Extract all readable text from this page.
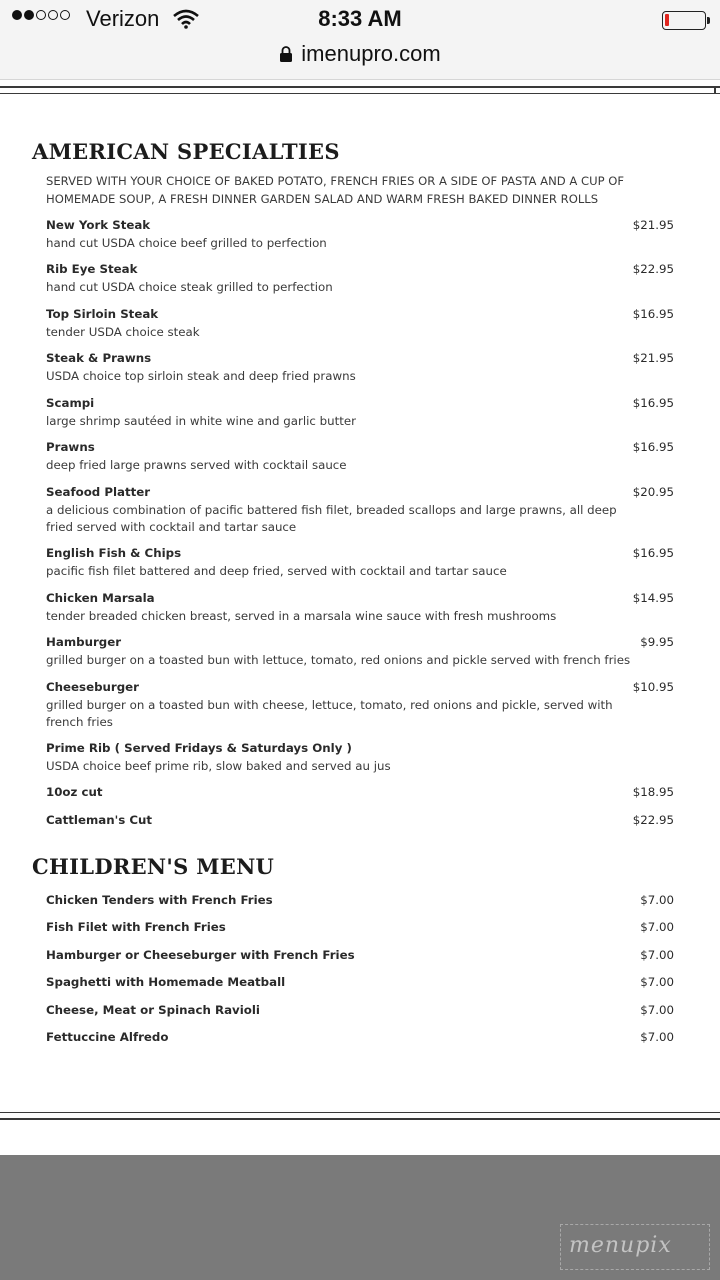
Verizon	8:33 AM
imenupro.com
AMERICAN SPECIALTIES
SERVED WITH YOUR CHOICE OF BAKED POTATO, FRENCH FRIES OR A SIDE OF PASTA AND A CUP OF HOMEMADE SOUP, A FRESH DINNER GARDEN SALAD AND WARM FRESH BAKED DINNER ROLLS
New York Steak	$21.95
hand cut USDA choice beef grilled to perfection
Rib Eye Steak	$22.95
hand cut USDA choice steak grilled to perfection
Top Sirloin Steak	$16.95
tender USDA choice steak
Steak & Prawns	$21.95
USDA choice top sirloin steak and deep fried prawns
Scampi	$16.95
large shrimp sautéed in white wine and garlic butter
Prawns	$16.95
deep fried large prawns served with cocktail sauce
Seafood Platter	$20.95
a delicious combination of pacific battered fish filet, breaded scallops and large prawns, all deep fried served with cocktail and tartar sauce
English Fish & Chips	$16.95
pacific fish filet battered and deep fried, served with cocktail and tartar sauce
Chicken Marsala	$14.95
tender breaded chicken breast, served in a marsala wine sauce with fresh mushrooms
Hamburger	$9.95
grilled burger on a toasted bun with lettuce, tomato, red onions and pickle served with french fries
Cheeseburger	$10.95
grilled burger on a toasted bun with cheese, lettuce, tomato, red onions and pickle, served with french fries
Prime Rib ( Served Fridays & Saturdays Only )
USDA choice beef prime rib, slow baked and served au jus
10oz cut	$18.95
Cattleman's Cut	$22.95
CHILDREN'S MENU
Chicken Tenders with French Fries	$7.00
Fish Filet with French Fries	$7.00
Hamburger or Cheeseburger with French Fries	$7.00
Spaghetti with Homemade Meatball	$7.00
Cheese, Meat or Spinach Ravioli	$7.00
Fettuccine Alfredo	$7.00
menupix
